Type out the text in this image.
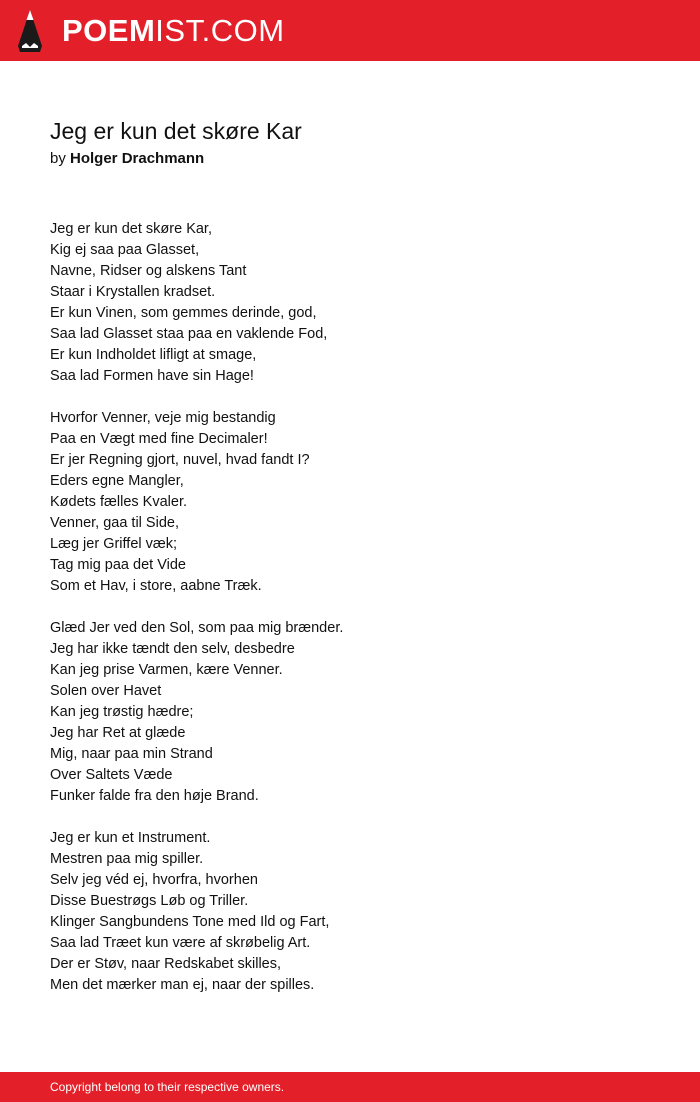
POEMIST.COM
Jeg er kun det skøre Kar
by Holger Drachmann
Jeg er kun det skøre Kar,
Kig ej saa paa Glasset,
Navne, Ridser og alskens Tant
Staar i Krystallen kradset.
Er kun Vinen, som gemmes derinde, god,
Saa lad Glasset staa paa en vaklende Fod,
Er kun Indholdet lifligt at smage,
Saa lad Formen have sin Hage!
Hvorfor Venner, veje mig bestandig
Paa en Vægt med fine Decimaler!
Er jer Regning gjort, nuvel, hvad fandt I?
Eders egne Mangler,
Kødets fælles Kvaler.
Venner, gaa til Side,
Læg jer Griffel væk;
Tag mig paa det Vide
Som et Hav, i store, aabne Træk.
Glæd Jer ved den Sol, som paa mig brænder.
Jeg har ikke tændt den selv, desbedre
Kan jeg prise Varmen, kære Venner.
Solen over Havet
Kan jeg trøstig hædre;
Jeg har Ret at glæde
Mig, naar paa min Strand
Over Saltets Væde
Funker falde fra den høje Brand.
Jeg er kun et Instrument.
Mestren paa mig spiller.
Selv jeg véd ej, hvorfra, hvorhen
Disse Buestrøgs Løb og Triller.
Klinger Sangbundens Tone med Ild og Fart,
Saa lad Træet kun være af skrøbelig Art.
Der er Støv, naar Redskabet skilles,
Men det mærker man ej, naar der spilles.
Copyright belong to their respective owners.
